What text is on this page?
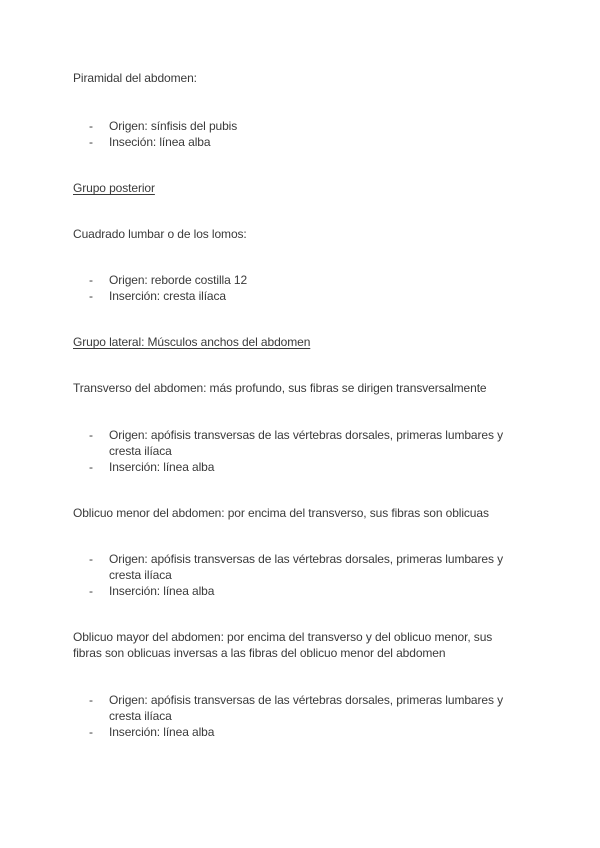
Piramidal del abdomen:
- Origen: sínfisis del pubis
- Inseción: línea alba
Grupo posterior
Cuadrado lumbar o de los lomos:
- Origen: reborde costilla 12
- Inserción: cresta ilíaca
Grupo lateral: Músculos anchos del abdomen
Transverso del abdomen: más profundo, sus fibras se dirigen transversalmente
- Origen: apófisis transversas de las vértebras dorsales, primeras lumbares y
cresta ilíaca
- Inserción: línea alba
Oblicuo menor del abdomen: por encima del transverso, sus fibras son oblicuas
- Origen: apófisis transversas de las vértebras dorsales, primeras lumbares y
cresta ilíaca
- Inserción: línea alba
Oblicuo mayor del abdomen: por encima del transverso y del oblicuo menor, sus
fibras son oblicuas inversas a las fibras del oblicuo menor del abdomen
- Origen: apófisis transversas de las vértebras dorsales, primeras lumbares y
cresta ilíaca
- Inserción: línea alba
